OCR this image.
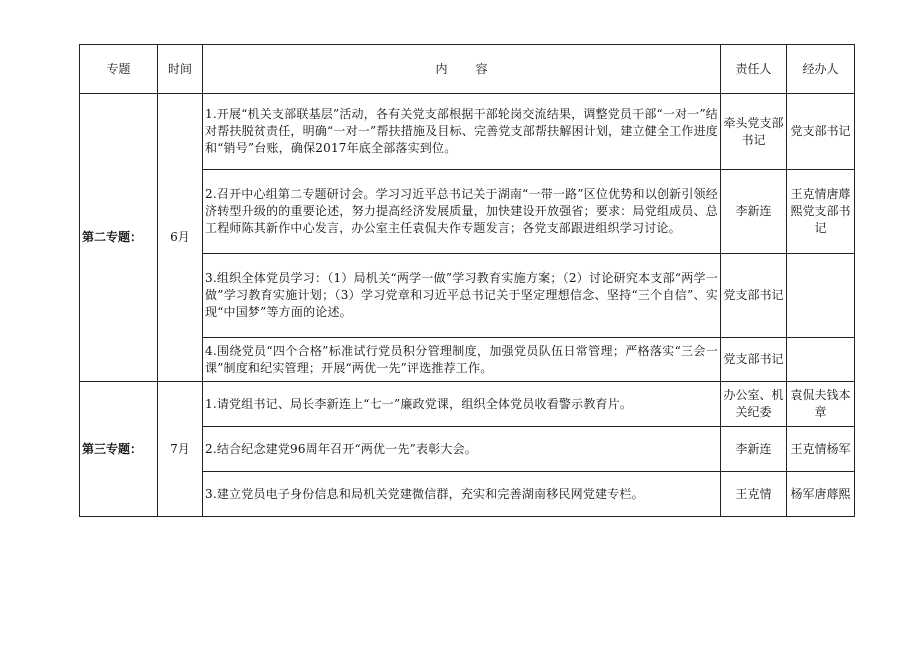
专题	时间	内容	责任人	经办人
第二专题：	6月	1.开展“机关支部联基层”活动，各有关党支部根据干部轮岗交流结果，调整党员干部“一对一”结对帮扶脱贫责任，明确“一对一”帮扶措施及目标、完善党支部帮扶解困计划，建立健全工作进度和“销号”台账，确保2017年底全部落实到位。	牵头党支部书记	党支部书记
		2.召开中心组第二专题研讨会。学习习近平总书记关于湖南“一带一路”区位优势和以创新引领经济转型升级的的重要论述，努力提高经济发展质量，加快建设开放强省；要求：局党组成员、总工程师陈其新作中心发言，办公室主任袁侃夫作专题发言；各党支部跟进组织学习讨论。	李新连	王克情唐蓐熙党支部书记
		3.组织全体党员学习：（1）局机关“两学一做”学习教育实施方案；（2）讨论研究本支部“两学一做”学习教育实施计划；（3）学习党章和习近平总书记关于坚定理想信念、坚持“三个自信”、实现“中国梦”等方面的论述。	党支部书记	
		4.围绕党员“四个合格”标准试行党员积分管理制度，加强党员队伍日常管理；严格落实“三会一课”制度和纪实管理；开展“两优一先”评选推荐工作。	党支部书记	
第三专题：	7月	1.请党组书记、局长李新连上“七一”廉政党课，组织全体党员收看警示教育片。	办公室、机关纪委	袁侃夫钱本章
		2.结合纪念建党96周年召开“两优一先”表彰大会。	李新连	王克情杨军
		3.建立党员电子身份信息和局机关党建微信群，充实和完善湖南移民网党建专栏。	王克情	杨军唐蓐熙
